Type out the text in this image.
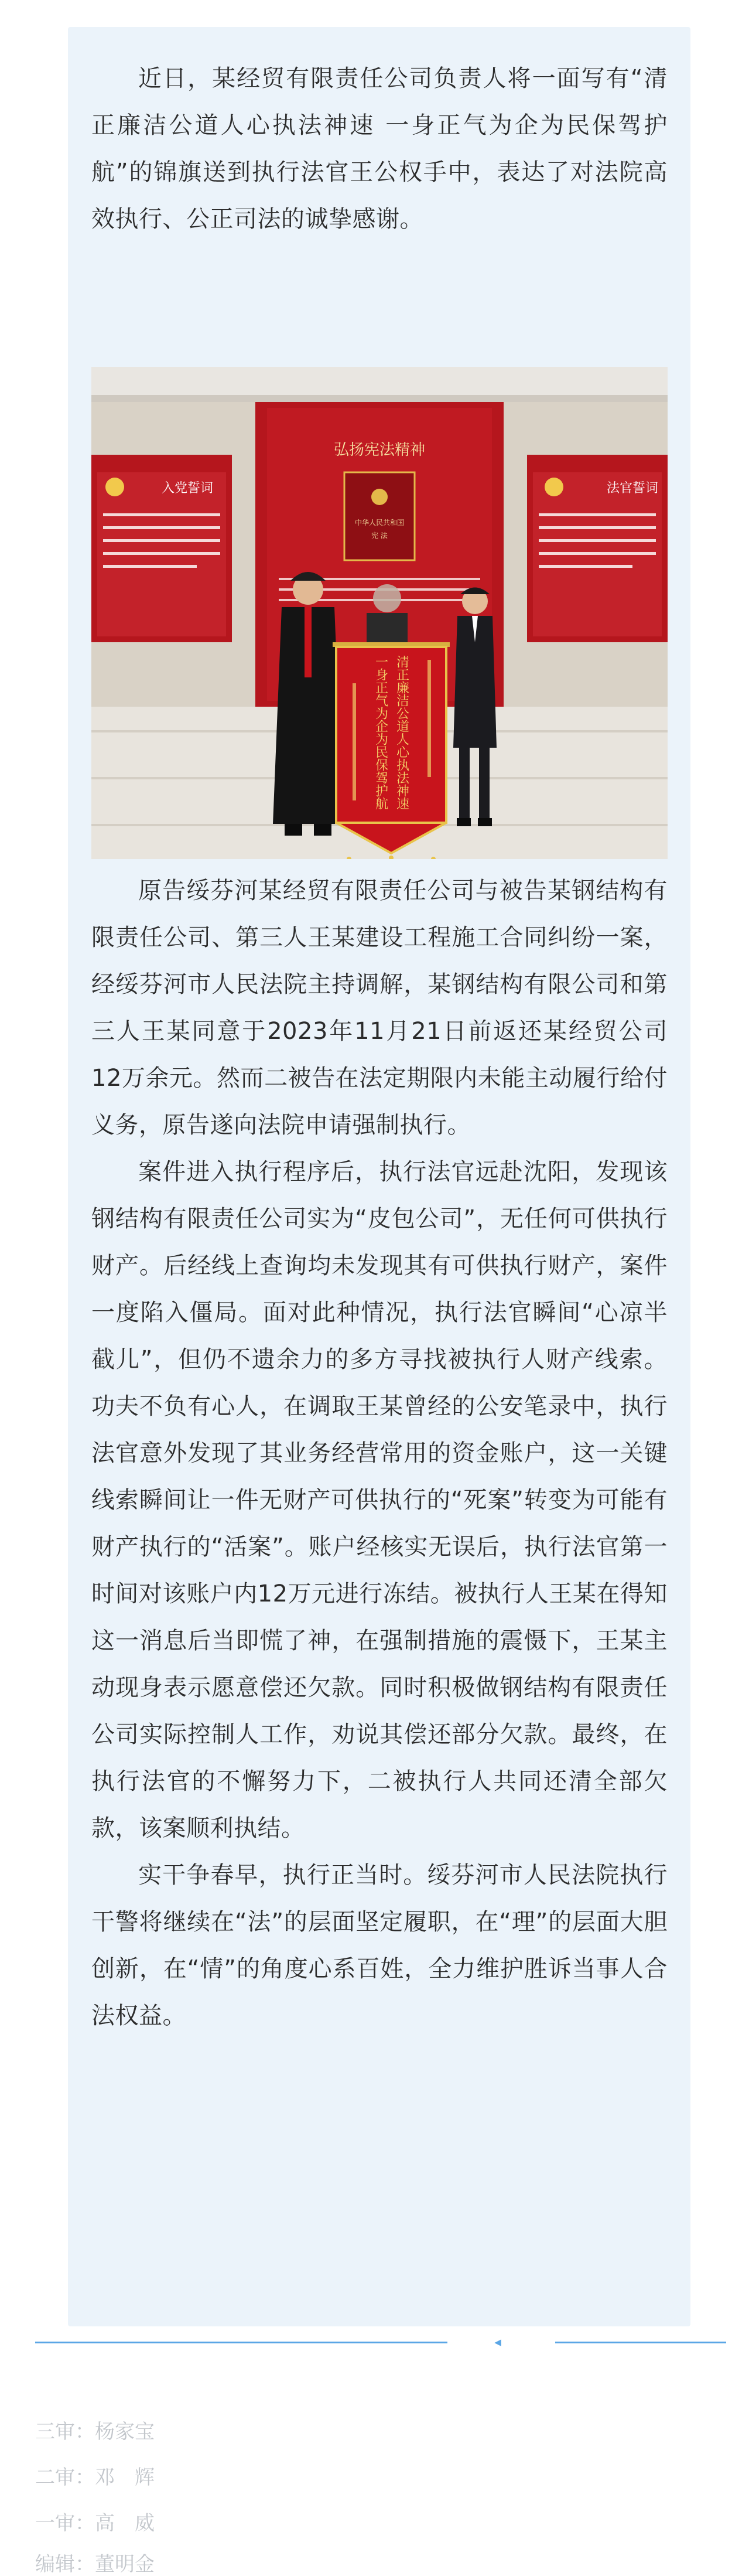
近日，某经贸有限责任公司负责人将一面写有“清正廉洁公道人心执法神速 一身正气为企为民保驾护航”的锦旗送到执行法官王公权手中，表达了对法院高效执行、公正司法的诚挚感谢。

入党誓词	法官誓词
弘扬宪法精神
中华人民共和国
宪 法
清正廉洁公道人心执法神速
一身正气为企为民保驾护航

原告绥芬河某经贸有限责任公司与被告某钢结构有限责任公司、第三人王某建设工程施工合同纠纷一案，经绥芬河市人民法院主持调解，某钢结构有限公司和第三人王某同意于2023年11月21日前返还某经贸公司12万余元。然而二被告在法定期限内未能主动履行给付义务，原告遂向法院申请强制执行。
案件进入执行程序后，执行法官远赴沈阳，发现该钢结构有限责任公司实为“皮包公司”，无任何可供执行财产。后经线上查询均未发现其有可供执行财产，案件一度陷入僵局。面对此种情况，执行法官瞬间“心凉半截儿”，但仍不遗余力的多方寻找被执行人财产线索。功夫不负有心人，在调取王某曾经的公安笔录中，执行法官意外发现了其业务经营常用的资金账户，这一关键线索瞬间让一件无财产可供执行的“死案”转变为可能有财产执行的“活案”。账户经核实无误后，执行法官第一时间对该账户内12万元进行冻结。被执行人王某在得知这一消息后当即慌了神，在强制措施的震慑下，王某主动现身表示愿意偿还欠款。同时积极做钢结构有限责任公司实际控制人工作，劝说其偿还部分欠款。最终，在执行法官的不懈努力下，二被执行人共同还清全部欠款，该案顺利执结。
实干争春早，执行正当时。绥芬河市人民法院执行干警将继续在“法”的层面坚定履职，在“理”的层面大胆创新，在“情”的角度心系百姓，全力维护胜诉当事人合法权益。

◀
三审：杨家宝
二审：邓　辉
一审：高　威
编辑：董明金
